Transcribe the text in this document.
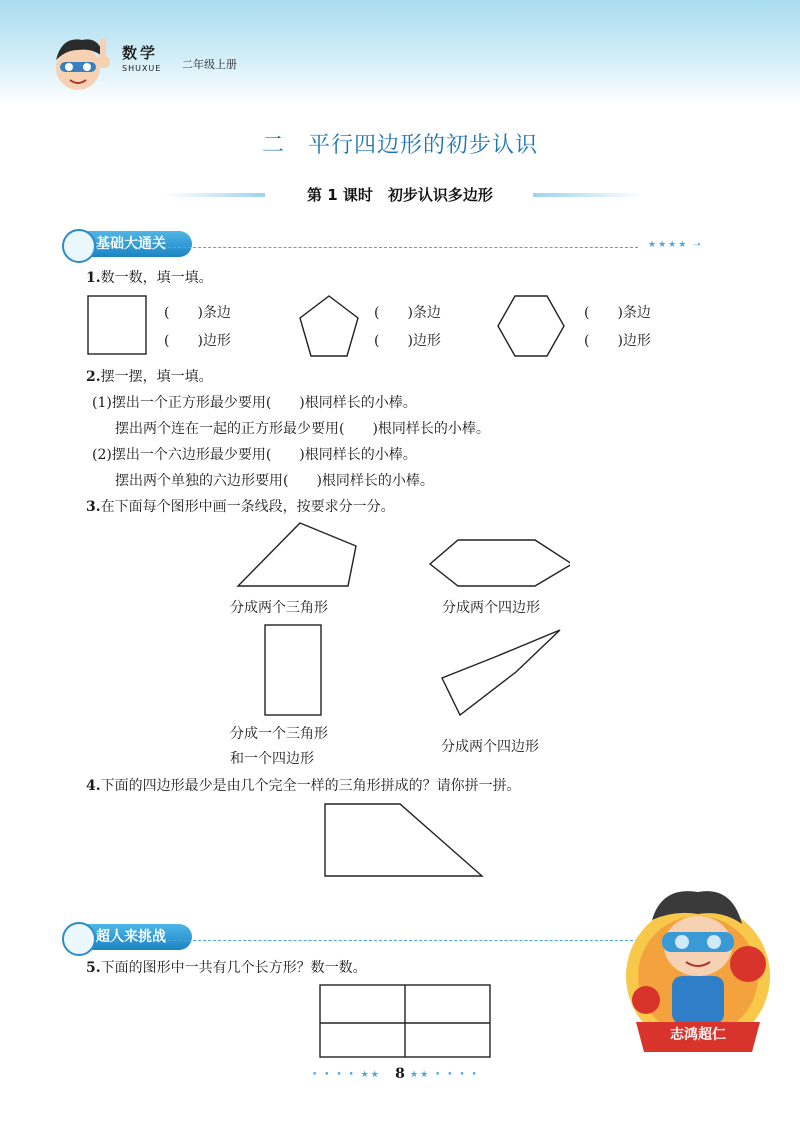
数学
SHUXUE 二年级上册
二　平行四边形的初步认识
第 1 课时　初步认识多边形
基础大通关	★★★★ ➝
1.数一数，填一填。
(　　)条边
(　　)边形
(　　)条边
(　　)边形
(　　)条边
(　　)边形
2.摆一摆，填一填。
(1)摆出一个正方形最少要用(　　)根同样长的小棒。
摆出两个连在一起的正方形最少要用(　　)根同样长的小棒。
(2)摆出一个六边形最少要用(　　)根同样长的小棒。
摆出两个单独的六边形要用(　　)根同样长的小棒。
3.在下面每个图形中画一条线段，按要求分一分。
分成两个三角形	分成两个四边形
分成一个三角形
和一个四边形
分成两个四边形
4.下面的四边形最少是由几个完全一样的三角形拼成的？请你拼一拼。
超人来挑战
5.下面的图形中一共有几个长方形？数一数。
志鸿超仁
• • • • ★★	8 ★★ • • • •
